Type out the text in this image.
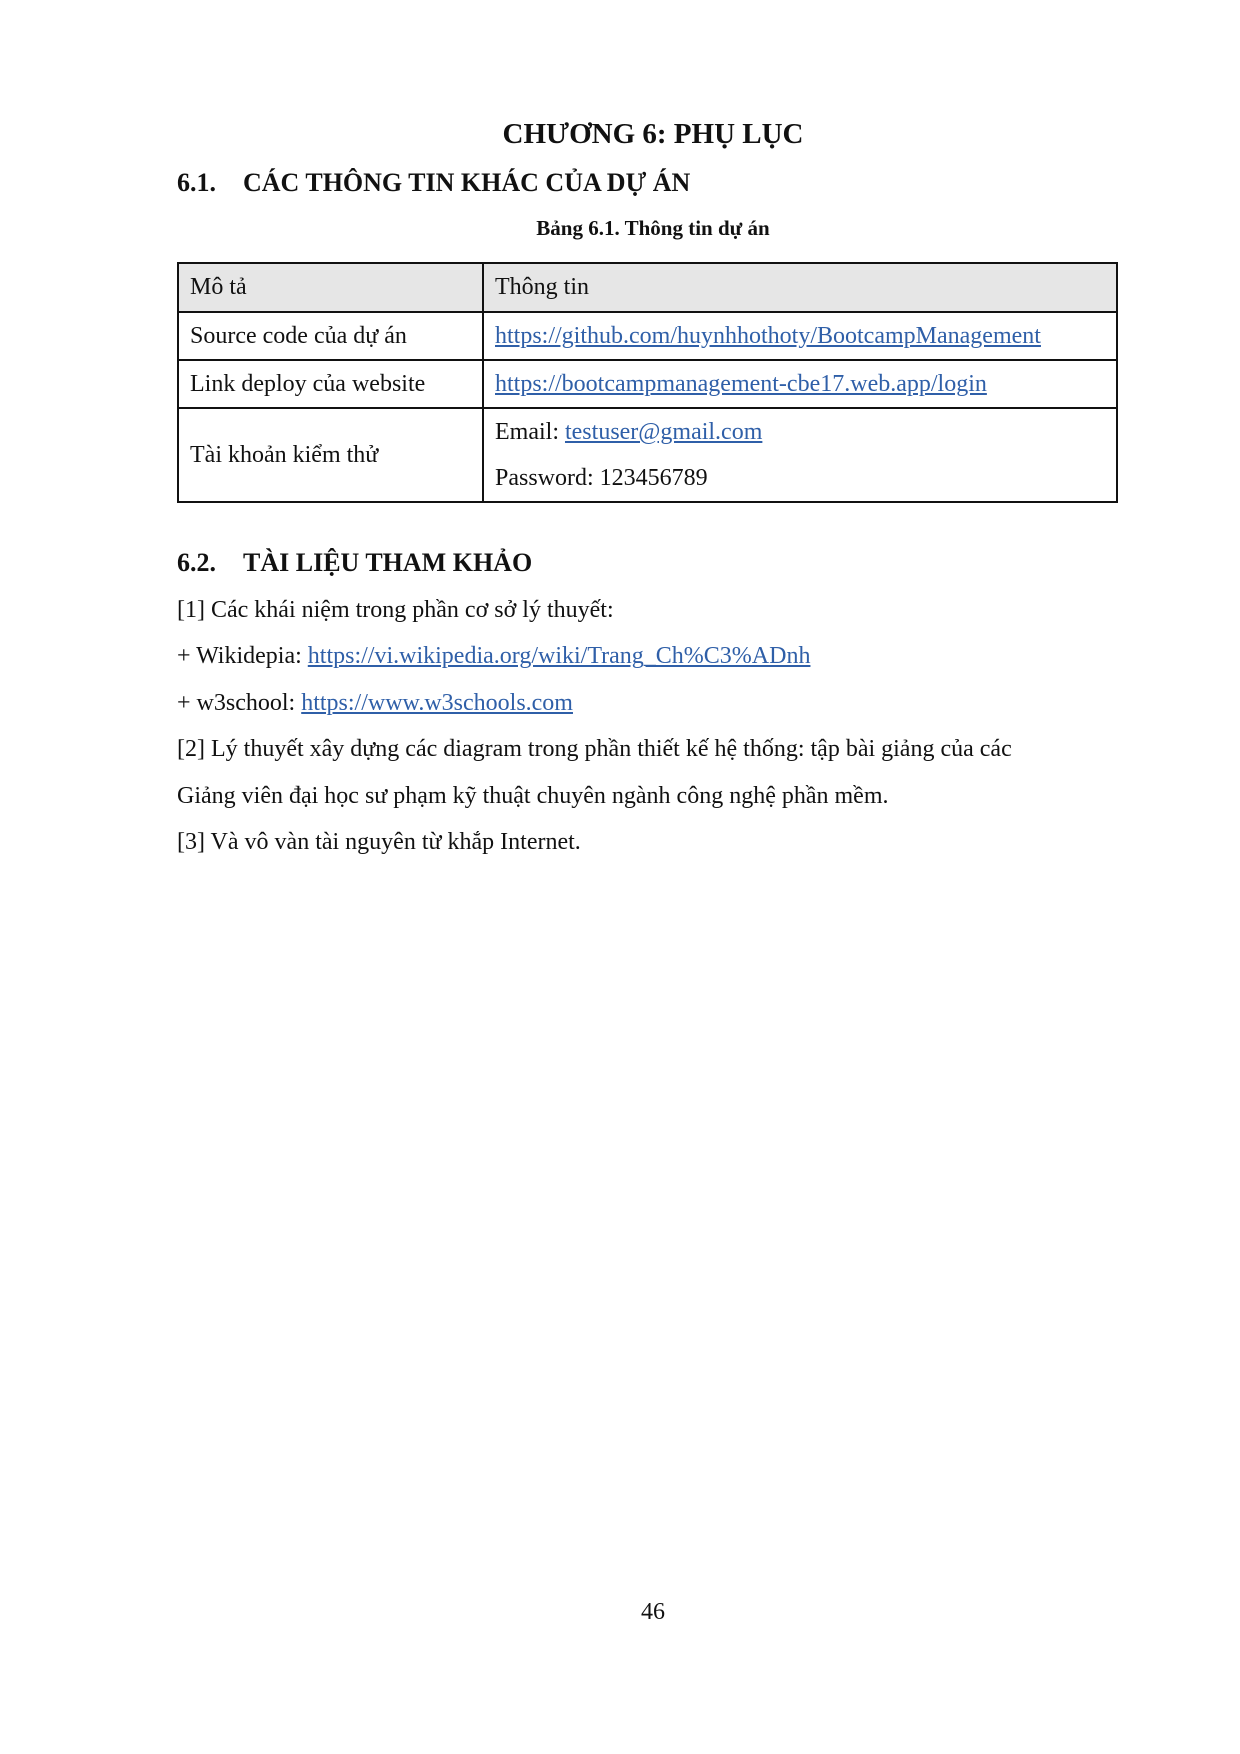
CHƯƠNG 6: PHỤ LỤC
6.1. CÁC THÔNG TIN KHÁC CỦA DỰ ÁN
Bảng 6.1. Thông tin dự án
Mô tả	Thông tin
Source code của dự án	https://github.com/huynhhothoty/BootcampManagement
Link deploy của website	https://bootcampmanagement-cbe17.web.app/login
Tài khoản kiểm thử	Email: testuser@gmail.com
Password: 123456789
6.2. TÀI LIỆU THAM KHẢO

[1] Các khái niệm trong phần cơ sở lý thuyết:

+ Wikidepia: https://vi.wikipedia.org/wiki/Trang_Ch%C3%ADnh

+ w3school: https://www.w3schools.com

[2] Lý thuyết xây dựng các diagram trong phần thiết kế hệ thống: tập bài giảng của các

Giảng viên đại học sư phạm kỹ thuật chuyên ngành công nghệ phần mềm.

[3] Và vô vàn tài nguyên từ khắp Internet.

46
